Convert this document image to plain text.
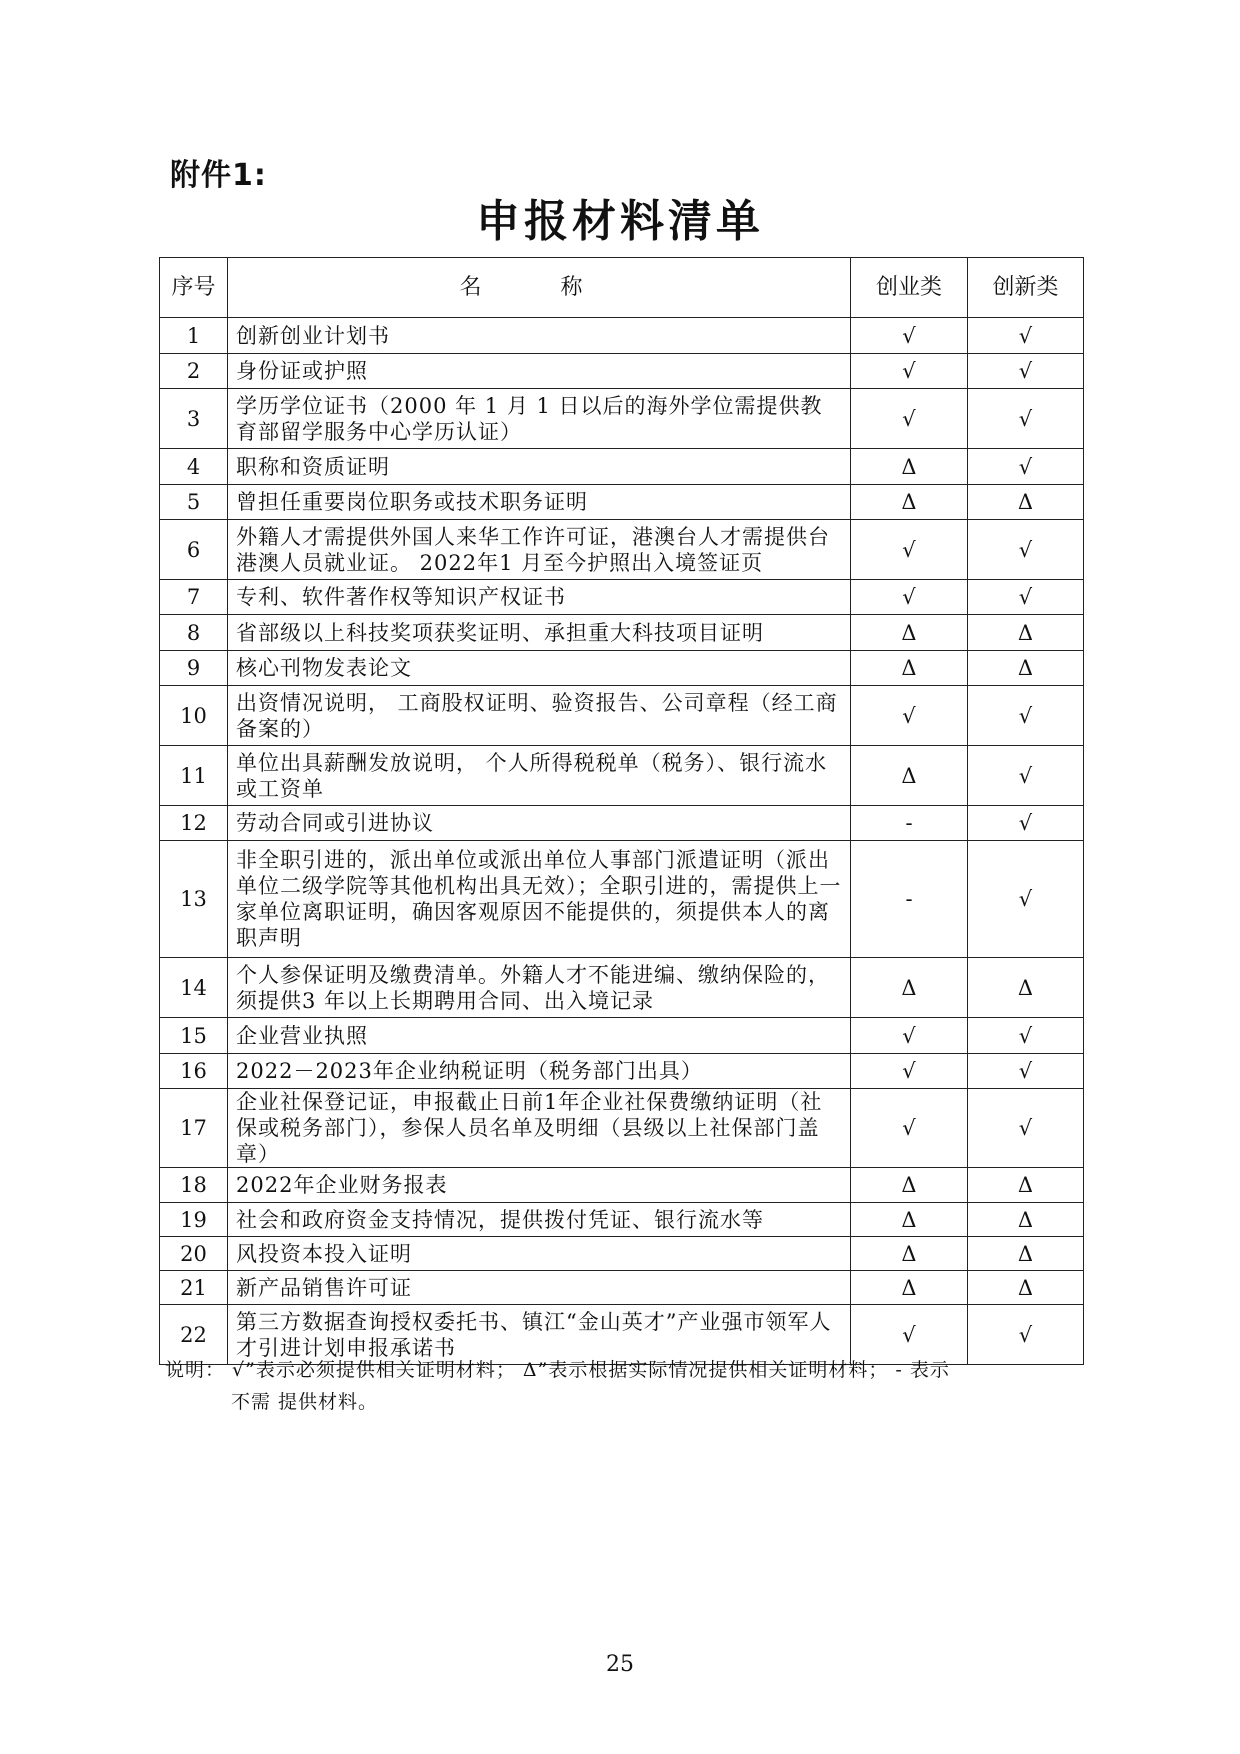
附件1:
申报材料清单
序号	名 称	创业类	创新类
1	创新创业计划书	√	√
2	身份证或护照	√	√
3	学历学位证书（2000 年 1 月 1 日以后的海外学位需提供教育部留学服务中心学历认证）	√	√
4	职称和资质证明	Δ	√
5	曾担任重要岗位职务或技术职务证明	Δ	Δ
6	外籍人才需提供外国人来华工作许可证，港澳台人才需提供台港澳人员就业证。 2022年1 月至今护照出入境签证页	√	√
7	专利、软件著作权等知识产权证书	√	√
8	省部级以上科技奖项获奖证明、承担重大科技项目证明	Δ	Δ
9	核心刊物发表论文	Δ	Δ
10	出资情况说明， 工商股权证明、验资报告、公司章程（经工商备案的）	√	√
11	单位出具薪酬发放说明， 个人所得税税单（税务）、银行流水或工资单	Δ	√
12	劳动合同或引进协议	-	√
13	非全职引进的，派出单位或派出单位人事部门派遣证明（派出单位二级学院等其他机构出具无效）；全职引进的，需提供上一家单位离职证明，确因客观原因不能提供的，须提供本人的离职声明	-	√
14	个人参保证明及缴费清单。外籍人才不能进编、缴纳保险的，须提供3 年以上长期聘用合同、出入境记录	Δ	Δ
15	企业营业执照	√	√
16	2022－2023年企业纳税证明（税务部门出具）	√	√
17	企业社保登记证，申报截止日前1年企业社保费缴纳证明（社保或税务部门），参保人员名单及明细（县级以上社保部门盖章）	√	√
18	2022年企业财务报表	Δ	Δ
19	社会和政府资金支持情况，提供拨付凭证、银行流水等	Δ	Δ
20	风投资本投入证明	Δ	Δ
21	新产品销售许可证	Δ	Δ
22	第三方数据查询授权委托书、镇江“金山英才”产业强市领军人才引进计划申报承诺书	√	√
说明： √”表示必须提供相关证明材料； Δ”表示根据实际情况提供相关证明材料； - 表示
不需 提供材料。
25
